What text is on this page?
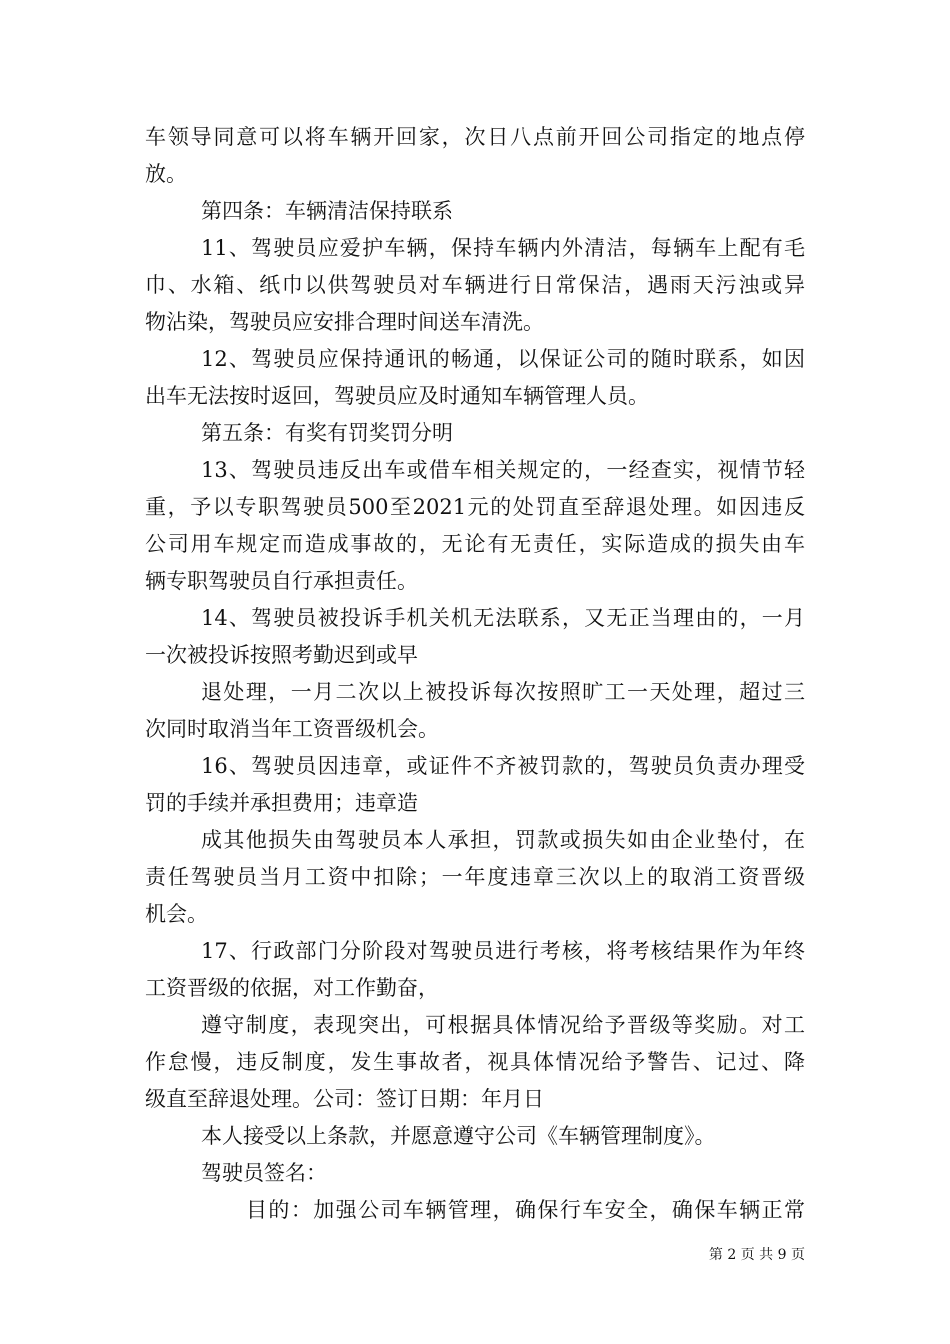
车领导同意可以将车辆开回家，次日八点前开回公司指定的地点停
放。
第四条：车辆清洁保持联系
11、驾驶员应爱护车辆，保持车辆内外清洁，每辆车上配有毛
巾、水箱、纸巾以供驾驶员对车辆进行日常保洁，遇雨天污浊或异
物沾染，驾驶员应安排合理时间送车清洗。
12、驾驶员应保持通讯的畅通，以保证公司的随时联系，如因
出车无法按时返回，驾驶员应及时通知车辆管理人员。
第五条：有奖有罚奖罚分明
13、驾驶员违反出车或借车相关规定的，一经查实，视情节轻
重，予以专职驾驶员500至2021元的处罚直至辞退处理。如因违反
公司用车规定而造成事故的，无论有无责任，实际造成的损失由车
辆专职驾驶员自行承担责任。
14、驾驶员被投诉手机关机无法联系，又无正当理由的，一月
一次被投诉按照考勤迟到或早
退处理，一月二次以上被投诉每次按照旷工一天处理，超过三
次同时取消当年工资晋级机会。
16、驾驶员因违章，或证件不齐被罚款的，驾驶员负责办理受
罚的手续并承担费用；违章造
成其他损失由驾驶员本人承担，罚款或损失如由企业垫付，在
责任驾驶员当月工资中扣除；一年度违章三次以上的取消工资晋级
机会。
17、行政部门分阶段对驾驶员进行考核，将考核结果作为年终
工资晋级的依据，对工作勤奋，
遵守制度，表现突出，可根据具体情况给予晋级等奖励。对工
作怠慢，违反制度，发生事故者，视具体情况给予警告、记过、降
级直至辞退处理。公司：签订日期：年月日
本人接受以上条款，并愿意遵守公司《车辆管理制度》。
驾驶员签名：
目的：加强公司车辆管理，确保行车安全，确保车辆正常
第 2 页 共 9 页
